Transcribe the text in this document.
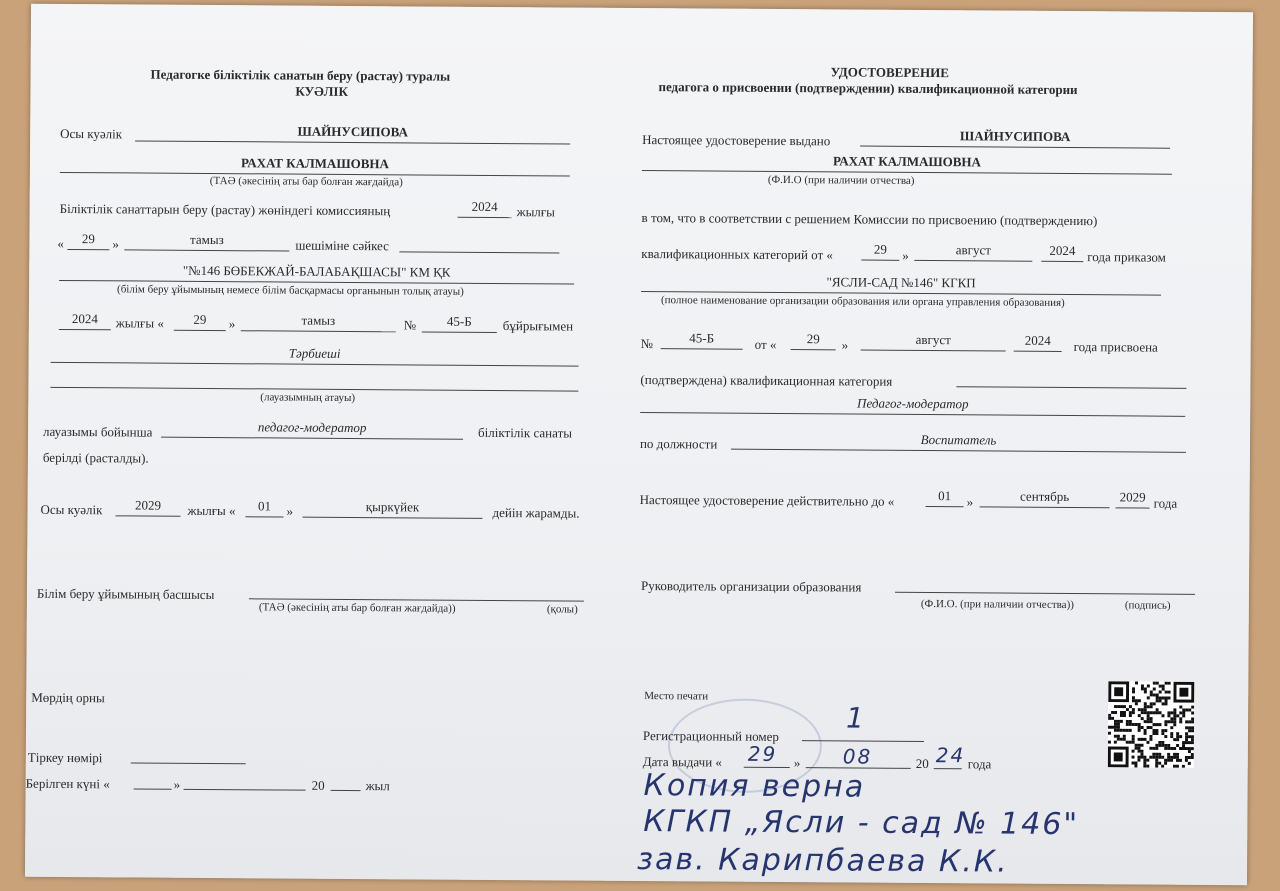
Педагогке біліктілік санатын беру (растау) туралы
КУӘЛІК
Осы куәлік	ШАЙНУСИПОВА
РАХАТ КАЛМАШОВНА
(ТАӘ (әкесінің аты бар болған жағдайда)
Біліктілік санаттарын беру (растау) жөніндегі комиссияның	2024	жылғы
«	29	»	тамыз	шешіміне сәйкес
"№146 БӨБЕКЖАЙ-БАЛАБАҚШАСЫ" КМ ҚК
(білім беру ұйымының немесе білім басқармасы органынын толық атауы)
2024	жылғы «	29	»	тамыз	№	45-Б	бұйрығымен
Тәрбиеші
(лауазымның атауы)
лауазымы бойынша	педагог-модератор	біліктілік санаты
берілді (расталды).
Осы куәлік	2029	жылғы «	01	»	қыркүйек	дейін жарамды.
Білім беру ұйымының басшысы
(ТАӘ (әкесінің аты бар болған жағдайда))	(қолы)
Мөрдің орны
Тіркеу нөмірі
Берілген күні «	»	20	жыл
УДОСТОВЕРЕНИЕ
педагога о присвоении (подтверждении) квалификационной категории
Настоящее удостоверение выдано	ШАЙНУСИПОВА
РАХАТ КАЛМАШОВНА
(Ф.И.О (при наличии отчества)
в том, что в соответствии с решением Комиссии по присвоению (подтверждению)
квалификационных категорий от «	29	»	август	2024 года приказом
"ЯСЛИ-САД №146" КГКП
(полное наименование организации образования или органа управления образования)
№	45-Б	от «	29	»	август	2024	года присвоена
(подтверждена) квалификационная категория
Педагог-модератор
по должности	Воспитатель
Настоящее удостоверение действительно до «	01	»	сентябрь	2029 года
Руководитель организации образования
(Ф.И.О. (при наличии отчества))	(подпись)
Место печати
Регистрационный номер
1
Дата выдачи « 29 » 08	20 24 года
Копия верна
КГКП „Ясли - сад № 146"
зав. Карипбаева К.К.
